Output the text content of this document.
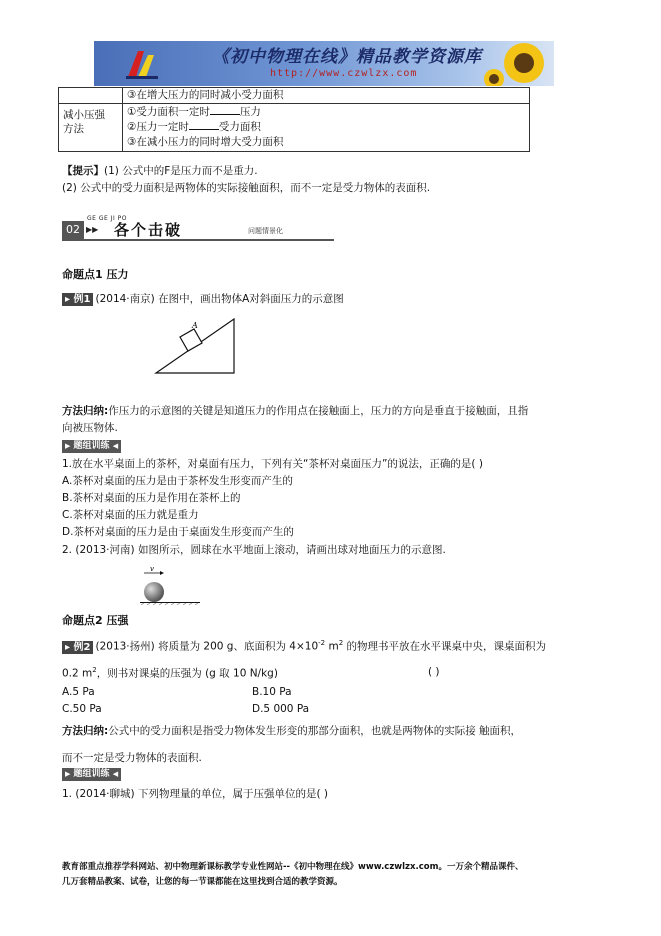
《初中物理在线》精品教学资源库
http://www.czwlzx.com
	③在增大压力的同时减小受力面积
减小压强方法	①受力面积一定时 压力
②压力一定时 受力面积
③在减小压力的同时增大受力面积
【提示】(1) 公式中的F是压力而不是重力.
(2) 公式中的受力面积是两物体的实际接触面积，而不一定是受力物体的表面积.
GE GE JI PO
02 ▶▶ 各个击破	问题情景化
命题点1 压力
▸ 例1 (2014·南京) 在图中，画出物体A对斜面压力的示意图
A
方法归纳:作压力的示意图的关键是知道压力的作用点在接触面上，压力的方向是垂直于接触面，且指
向被压物体.
▶ 题组训练 ◀
1.放在水平桌面上的茶杯，对桌面有压力，下列有关“茶杯对桌面压力”的说法，正确的是( )
A.茶杯对桌面的压力是由于茶杯发生形变而产生的
B.茶杯对桌面的压力是作用在茶杯上的
C.茶杯对桌面的压力就是重力
D.茶杯对桌面的压力是由于桌面发生形变而产生的
2. (2013·河南) 如图所示，圆球在水平地面上滚动，请画出球对地面压力的示意图.
v
命题点2 压强
▸ 例2 (2013·扬州) 将质量为 200 g、底面积为 $4\times 10^{-2}$ $m^2$ 的物理书平放在水平课桌中央，课桌面积为
0.2 $m^2$，则书对课桌的压强为 (g 取 10 N/kg)	( )
A.5 Pa	B.10 Pa
C.50 Pa	D.5 000 Pa
方法归纳:公式中的受力面积是指受力物体发生形变的那部分面积，也就是两物体的实际接 触面积，
而不一定是受力物体的表面积.
▶ 题组训练 ◀
1. (2014·聊城) 下列物理量的单位，属于压强单位的是( )
教育部重点推荐学科网站、初中物理新课标教学专业性网站--《初中物理在线》www.czwlzx.com。一万余个精品课件、
几万套精品教案、试卷，让您的每一节课都能在这里找到合适的教学资源。
